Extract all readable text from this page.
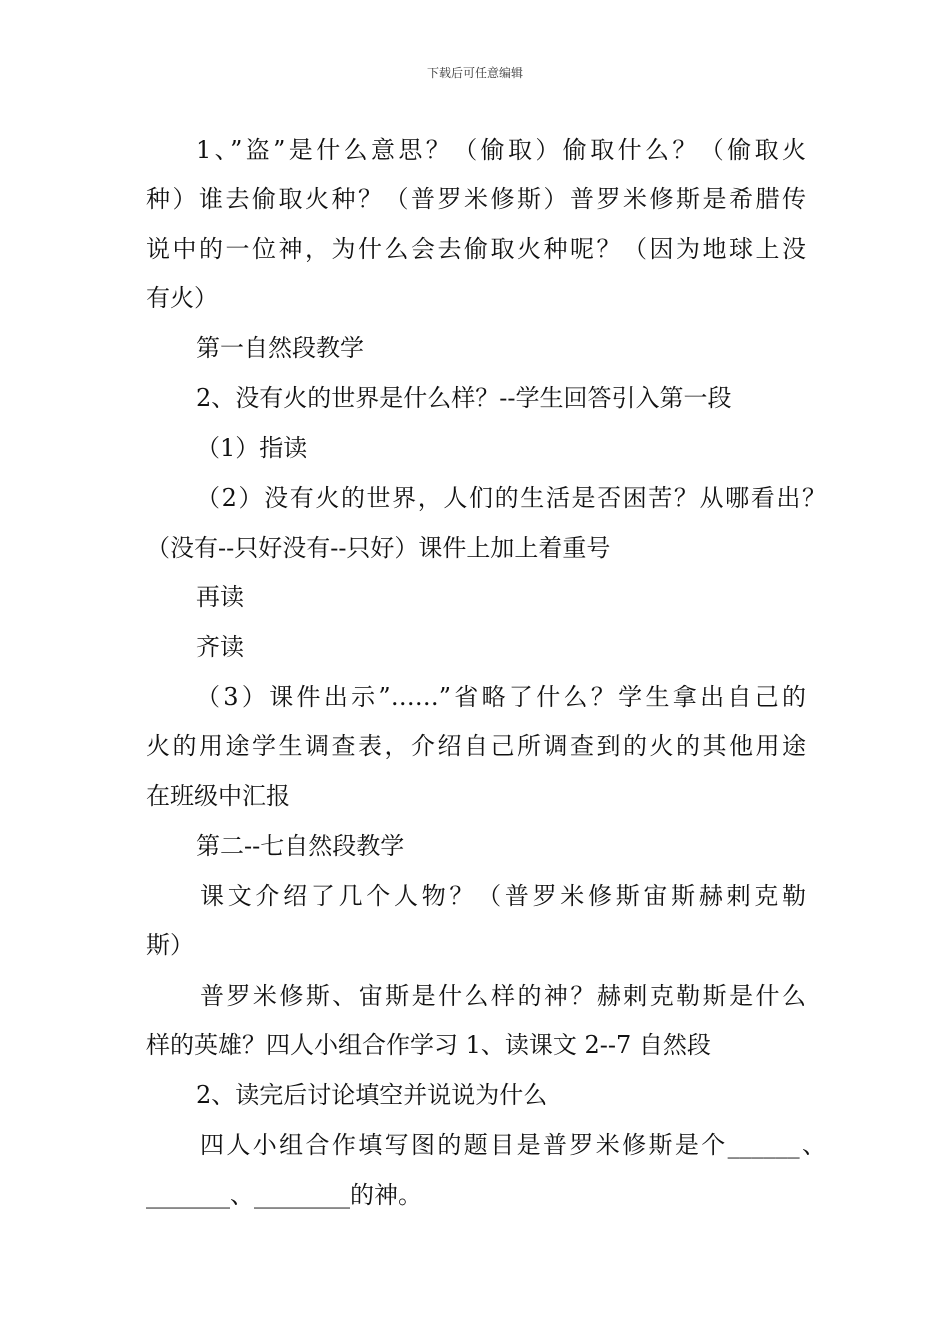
下载后可任意编辑
1、”盗”是什么意思？（偷取）偷取什么？（偷取火
种）谁去偷取火种？（普罗米修斯）普罗米修斯是希腊传
说中的一位神，为什么会去偷取火种呢？（因为地球上没
有火）
第一自然段教学
2、没有火的世界是什么样？--学生回答引入第一段
（1）指读
（2）没有火的世界，人们的生活是否困苦？从哪看出？
（没有--只好没有--只好）课件上加上着重号
再读
齐读
（3）课件出示”……”省略了什么？学生拿出自己的
火的用途学生调查表，介绍自己所调查到的火的其他用途
在班级中汇报
第二--七自然段教学
课文介绍了几个人物？（普罗米修斯宙斯赫剌克勒
斯）
普罗米修斯、宙斯是什么样的神？赫剌克勒斯是什么
样的英雄？四人小组合作学习 1、读课文 2--7 自然段
2、读完后讨论填空并说说为什么
四人小组合作填写图的题目是普罗米修斯是个______、
_______、________的神。
